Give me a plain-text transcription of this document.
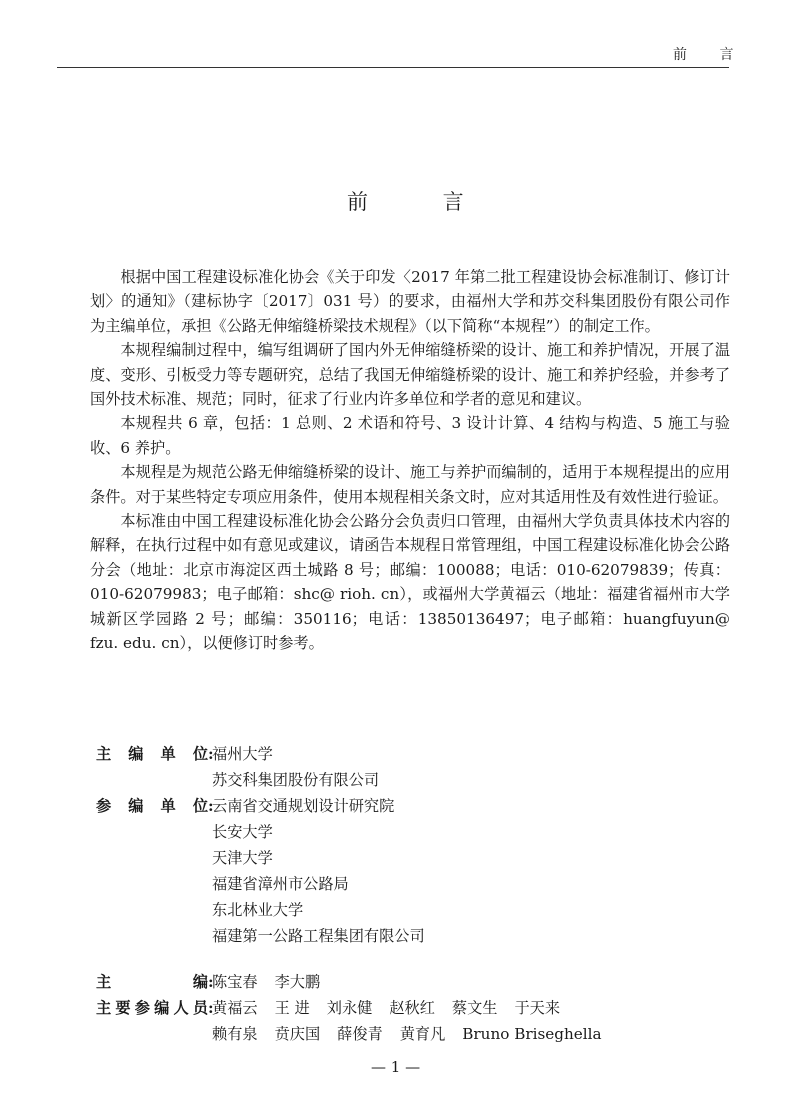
前 言
前 言

根据中国工程建设标准化协会《关于印发〈2017 年第二批工程建设协会标准制订、修订计划〉的通知》（建标协字〔2017〕031 号）的要求，由福州大学和苏交科集团股份有限公司作为主编单位，承担《公路无伸缩缝桥梁技术规程》（以下简称“本规程”）的制定工作。

本规程编制过程中，编写组调研了国内外无伸缩缝桥梁的设计、施工和养护情况，开展了温度、变形、引板受力等专题研究，总结了我国无伸缩缝桥梁的设计、施工和养护经验，并参考了国外技术标准、规范；同时，征求了行业内许多单位和学者的意见和建议。

本规程共 6 章，包括：1 总则、2 术语和符号、3 设计计算、4 结构与构造、5 施工与验收、6 养护。

本规程是为规范公路无伸缩缝桥梁的设计、施工与养护而编制的，适用于本规程提出的应用条件。对于某些特定专项应用条件，使用本规程相关条文时，应对其适用性及有效性进行验证。

本标准由中国工程建设标准化协会公路分会负责归口管理，由福州大学负责具体技术内容的解释，在执行过程中如有意见或建议，请函告本规程日常管理组，中国工程建设标准化协会公路分会（地址：北京市海淀区西土城路 8 号；邮编：100088；电话：010-62079839；传真：010-62079983；电子邮箱：shc@ rioh. cn），或福州大学黄福云（地址：福建省福州市大学城新区学园路 2 号；邮编：350116；电话：13850136497；电子邮箱：huangfuyun@ fzu. edu. cn），以便修订时参考。

主编单位 :
福州大学
苏交科集团股份有限公司
参编单位 :
云南省交通规划设计研究院
长安大学
天津大学
福建省漳州市公路局
东北林业大学
福建第一公路工程集团有限公司
主编 :
陈宝春 李大鹏
主要参编人员 :
黄福云 王 进 刘永健 赵秋红 蔡文生 于天来
赖有泉 贲庆国 薛俊青 黄育凡 Bruno Briseghella
— 1 —
